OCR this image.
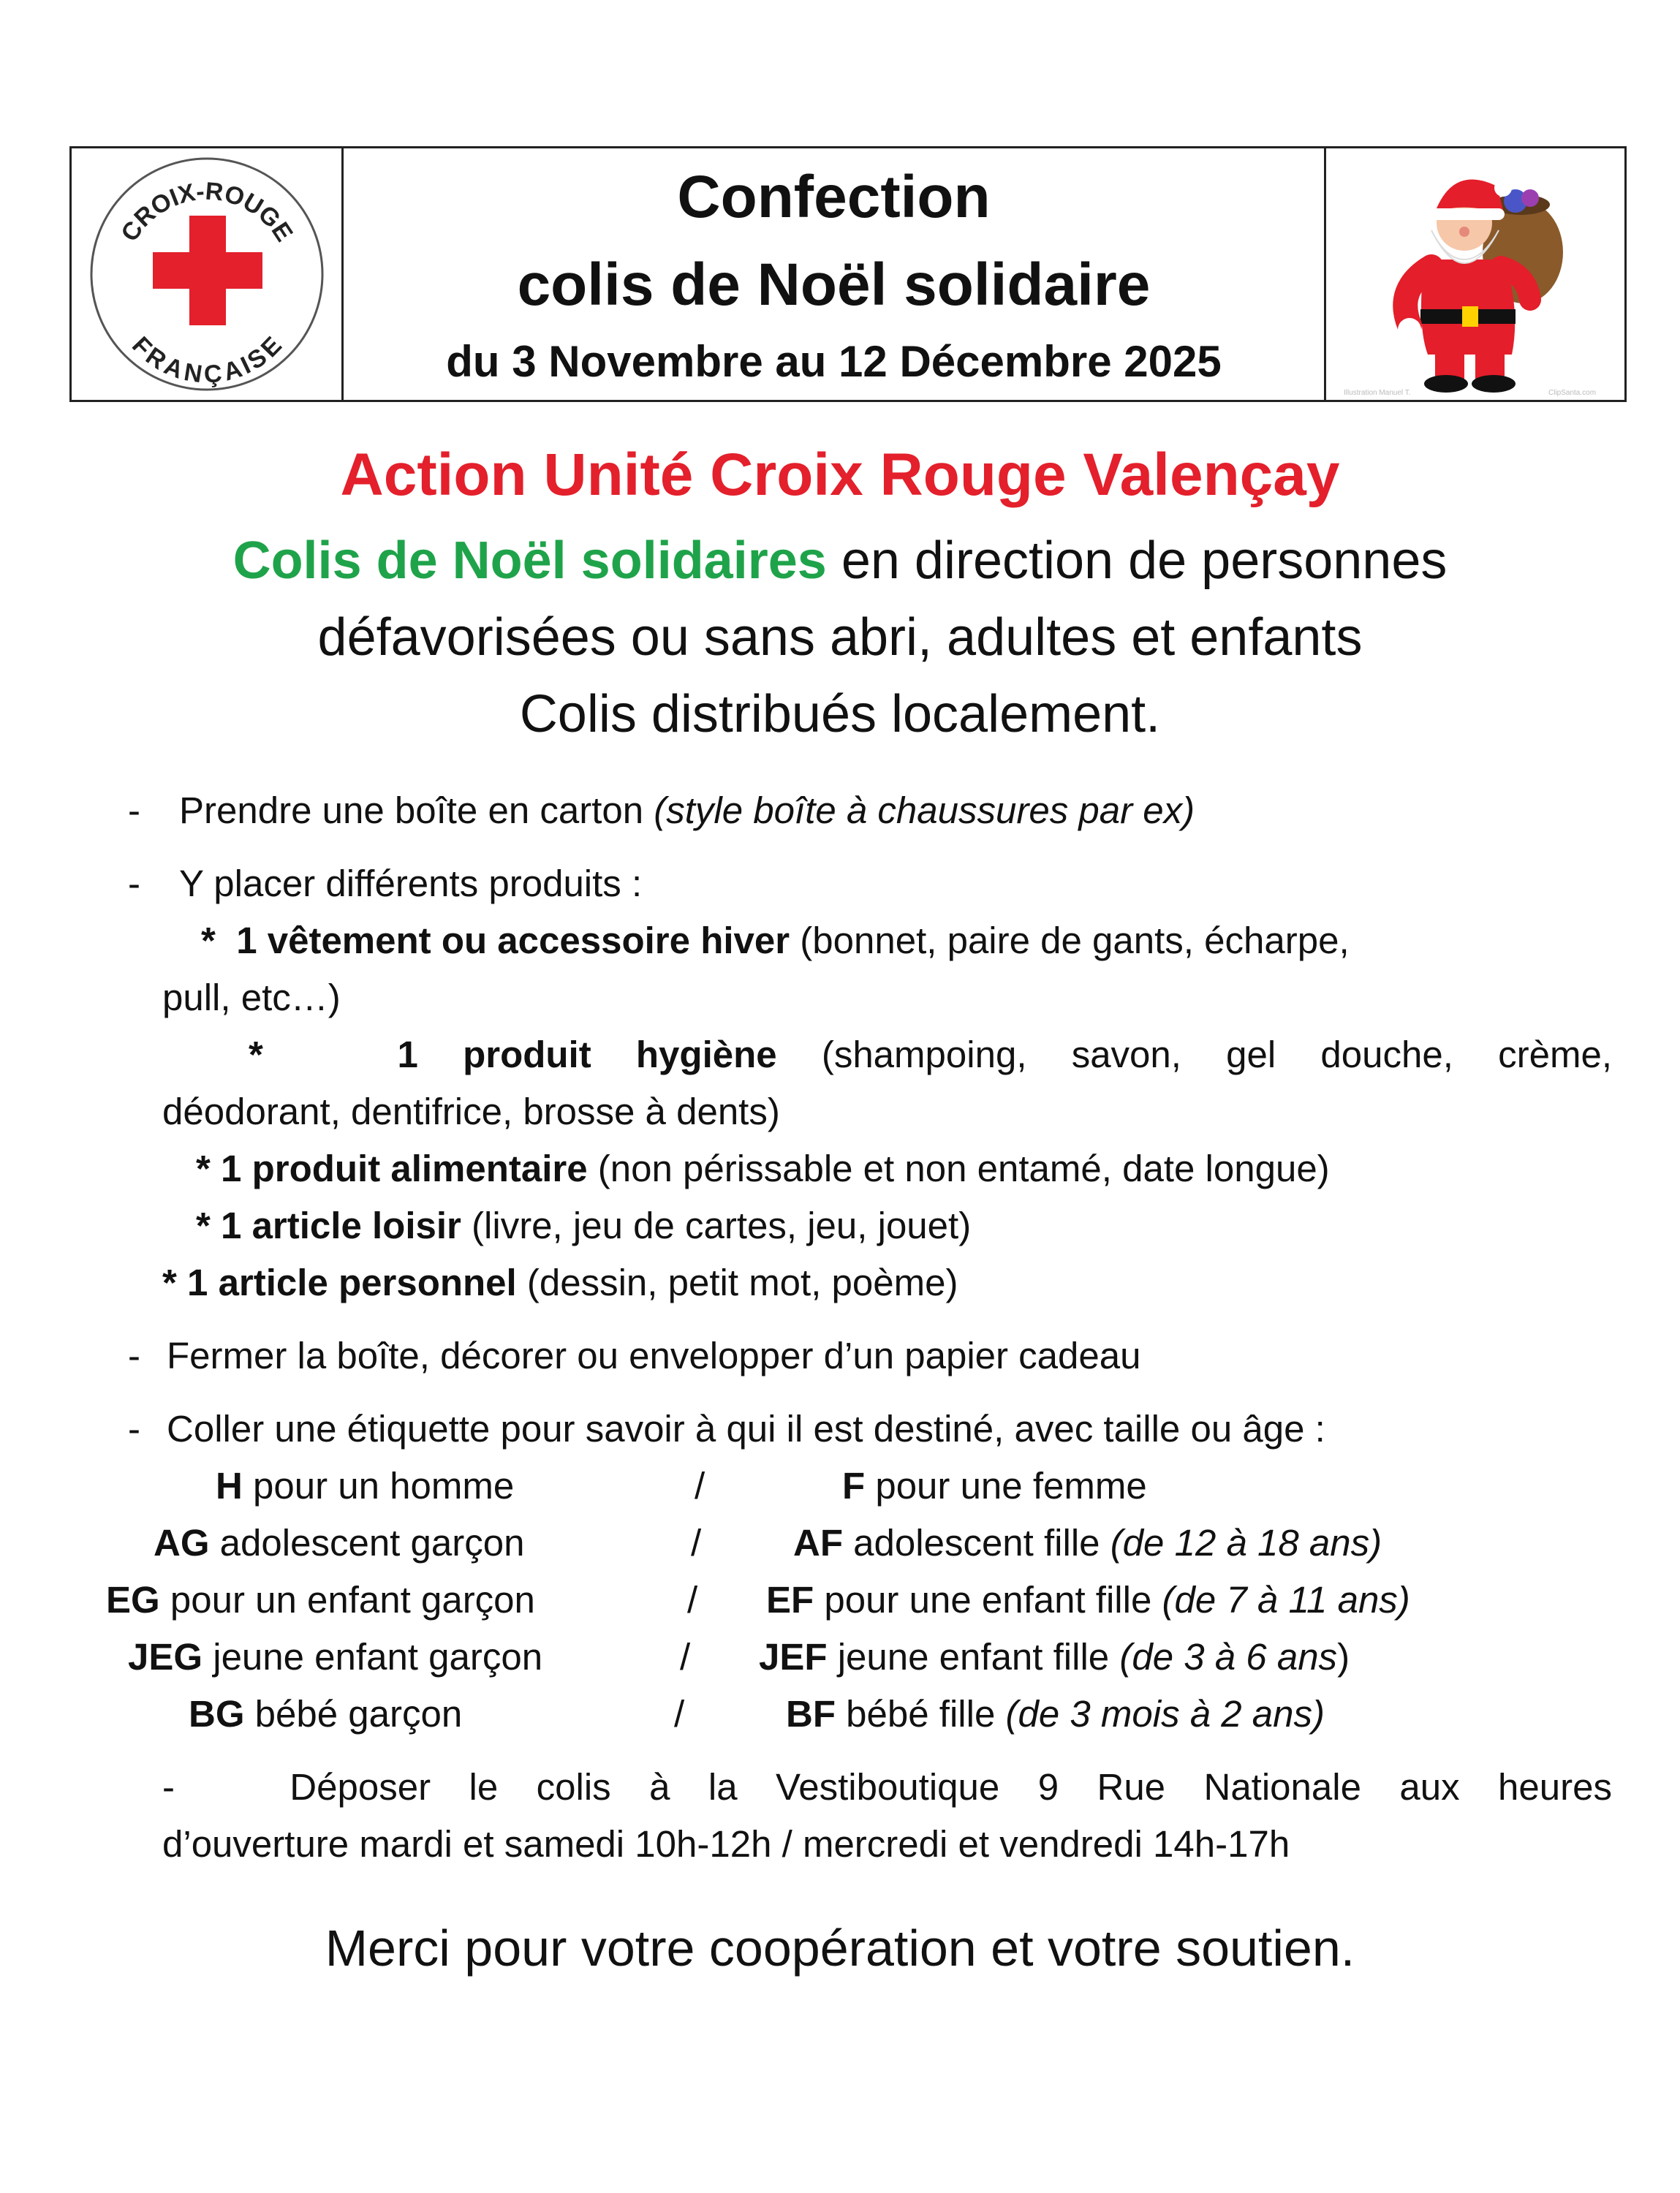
CROIX-ROUGE
FRANÇAISE
Confection
colis de Noël solidaire
du 3 Novembre au 12 Décembre 2025
Illustration Manuel T.	ClipSanta.com
Action Unité Croix Rouge Valençay
Colis de Noël solidaires en direction de personnes
défavorisées ou sans abri, adultes et enfants
Colis distribués localement.
- Prendre une boîte en carton (style boîte à chaussures par ex)
- Y placer différents produits :
* 1 vêtement ou accessoire hiver (bonnet, paire de gants, écharpe,
pull, etc…)
*	1 produit hygiène (shampoing, savon, gel douche, crème,
déodorant, dentifrice, brosse à dents)
* 1 produit alimentaire (non périssable et non entamé, date longue)
* 1 article loisir (livre, jeu de cartes, jeu, jouet)
* 1 article personnel (dessin, petit mot, poème)
- Fermer la boîte, décorer ou envelopper d’un papier cadeau
- Coller une étiquette pour savoir à qui il est destiné, avec taille ou âge :
H pour un homme	/	F pour une femme
AG adolescent garçon	/ AF adolescent fille (de 12 à 18 ans)
EG pour un enfant garçon	/ EF pour une enfant fille (de 7 à 11 ans)
JEG jeune enfant garçon	/ JEF jeune enfant fille (de 3 à 6 ans)
BG bébé garçon	/	BF bébé fille (de 3 mois à 2 ans)
-	Déposer le colis à la Vestiboutique 9 Rue Nationale aux heures
d’ouverture mardi et samedi 10h-12h / mercredi et vendredi 14h-17h
Merci pour votre coopération et votre soutien.
